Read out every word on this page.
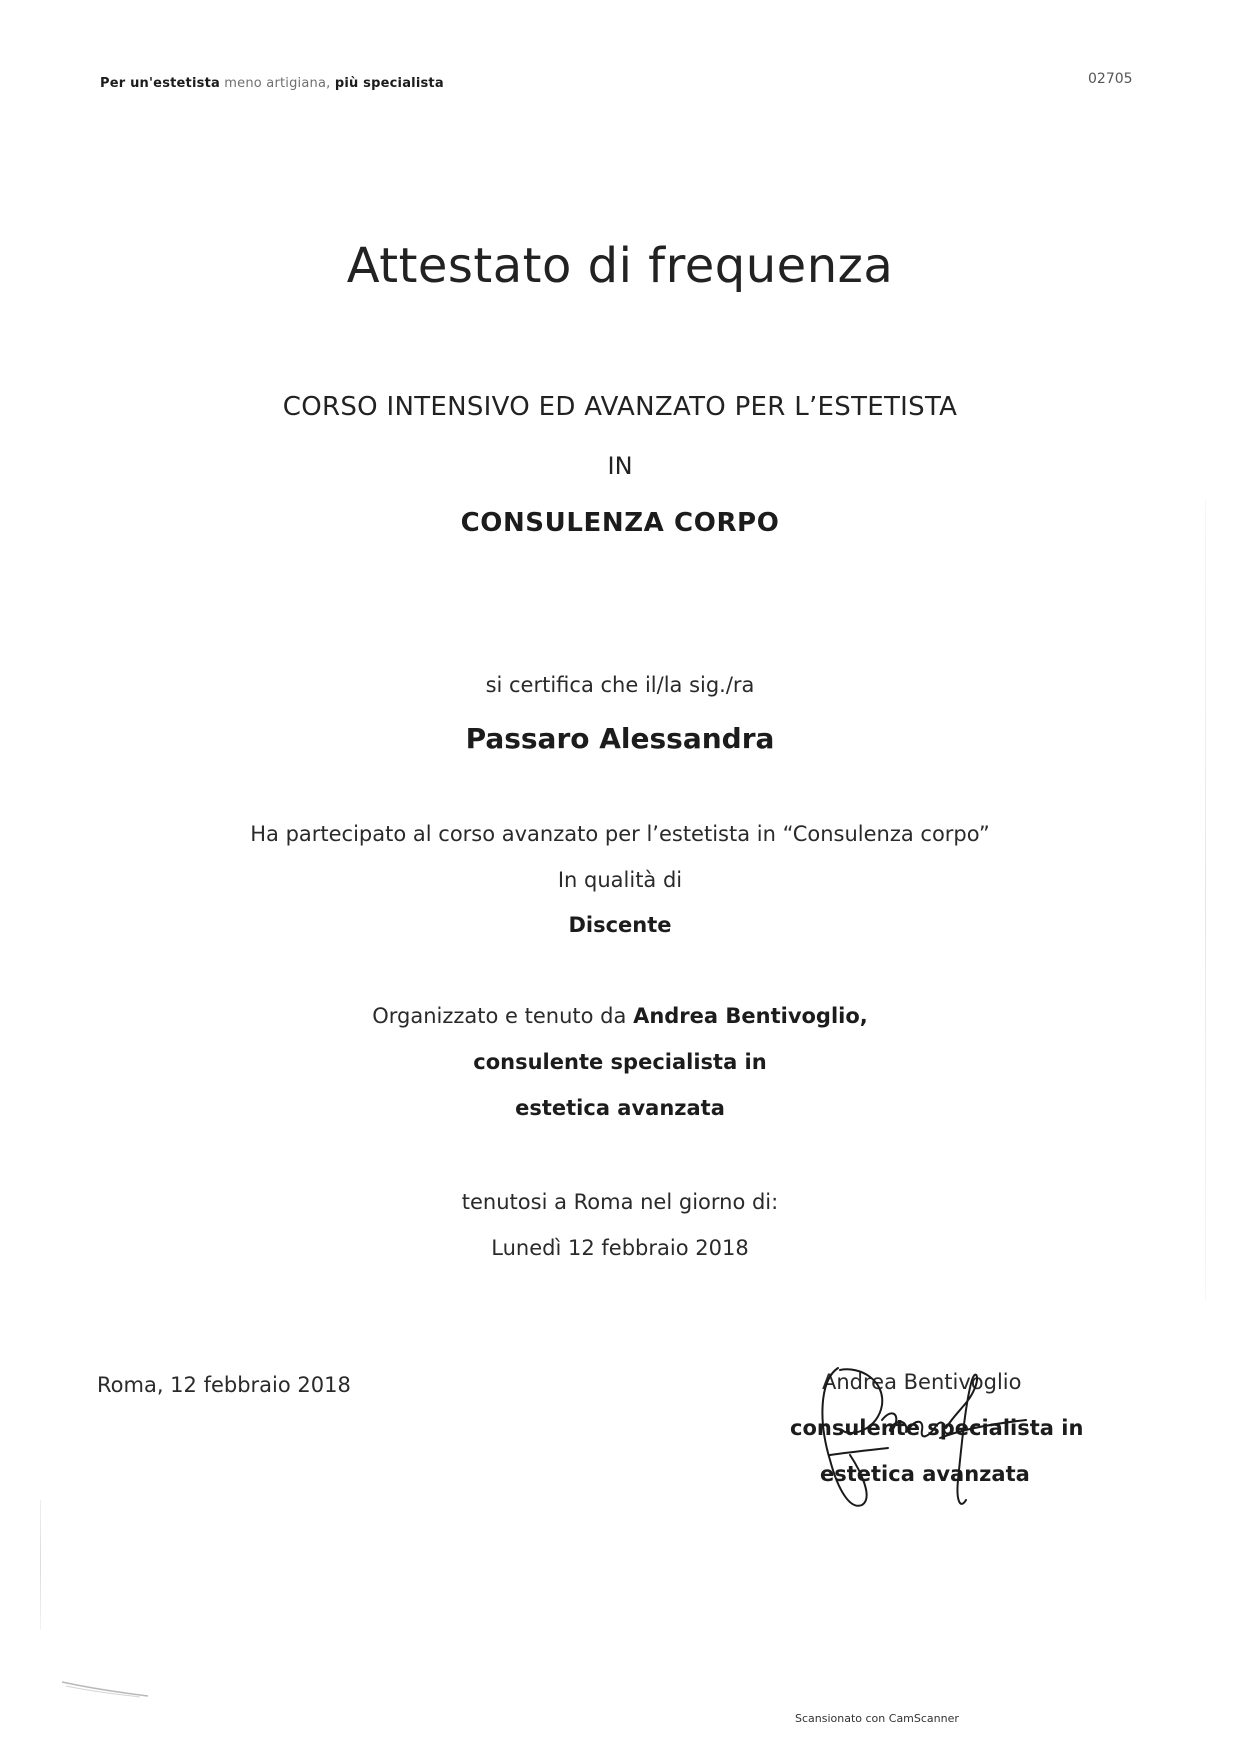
Per un'estetista meno artigiana, più specialista	02705
Attestato di frequenza
CORSO INTENSIVO ED AVANZATO PER L’ESTETISTA
IN
CONSULENZA CORPO
si certifica che il/la sig./ra
Passaro Alessandra
Ha partecipato al corso avanzato per l’estetista in “Consulenza corpo”
In qualità di
Discente
Organizzato e tenuto da Andrea Bentivoglio,
consulente specialista in
estetica avanzata
tenutosi a Roma nel giorno di:
Lunedì 12 febbraio 2018
Roma, 12 febbraio 2018	Andrea Bentivoglio
consulente specialista in
estetica avanzata
Scansionato con CamScanner
